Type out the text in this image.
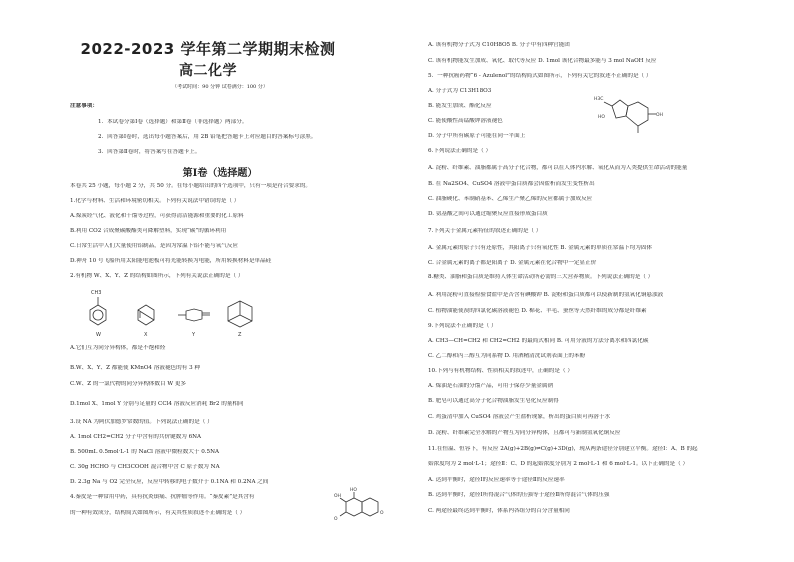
2022-2023 学年第二学期期末检测
高二化学
（考试时间：90 分钟 试卷满分：100 分）
注意事项：
1．本试卷分第Ⅰ卷（选择题）和第Ⅱ卷（非选择题）两部分。
2．回答第Ⅰ卷时，选出每小题答案后，用 2B 铅笔把答题卡上对应题目的答案标号涂黑。
3．回答第Ⅱ卷时，将答案写在答题卡上。
第Ⅰ卷（选择题）
本卷共 25 小题，每小题 2 分，共 50 分。在每小题给出的四个选项中，只有一项是符合要求的。
1.化学与材料、生活和环境密切相关。下列有关说法中错误的是（ ）
A.煤炭经气化、液化和干馏等过程，可获得清洁能源和重要的化工原料
B.利用 CO2 合成聚碳酸酯类可降解塑料，实现“碳”的循环利用
C.日常生活中人们大量使用铝制品，是因为常温下铝不能与氧气反应
D.神舟 10 号飞船所用太阳能电池板可将光能转换为电能，所用转换材料是单晶硅
2.有机物 W、X、Y、Z 的结构如图所示，下列有关说法正确的是（ ）
CH3
W	X	Y	Z
A.它们互为同分异构体，都是不饱和烃
B.W、X、Y、Z 都能使 KMnO4 溶液褪色的有 3 种
C.W、Z 的一氯代物的同分异构体数目 W 更多
D.1mol X、1mol Y 分别与足量的 CCl4 溶液反应消耗 Br2 的量相同
3.设 NA 为阿伏加德罗常数的值。下列说法正确的是（ ）
A. 1mol CH2=CH2 分子中含有的共价键数为 6NA
B. 500mL 0.5mol·L-1 的 NaCl 溶液中微粒数大于 0.5NA
C. 30g HCHO 与 CH3COOH 混合物中含 C 原子数为 NA
D. 2.3g Na 与 O2 完全反应，反应中转移的电子数介于 0.1NA 和 0.2NA 之间
4.秦皮是一种常用中药，具有抗炎镇痛、抗肿瘤等作用。“秦皮素”是其含有
的一种有效成分，结构简式如图所示，有关其性质叙述不正确的是（ ）
HO
OH
O
O
A. 该有机物分子式为 C10H8O5 B. 分子中有四种官能团
C. 该有机物能发生加成、氧化、取代等反应 D. 1mol 该化合物最多能与 3 mol NaOH 反应
5．一种抗癌药物“6 - Azulenol”的结构简式如图所示，下列有关它的叙述不正确的是（ ）
A. 分子式为 C13H18O3
B. 能发生加成、酯化反应
C. 能使酸性高锰酸钾溶液褪色
D. 分子中所有碳原子可能在同一平面上
H3C
HO	OH
6.下列说法正确的是（ ）
A. 淀粉、纤维素、油脂都属于高分子化合物，都可以在人体内水解、氧化从而为人类提供生命活动的能量
B. 在 Na2SO4、CuSO4 溶液中蛋白质都会因盐析而发生变性析出
C. 油脂硬化、苯制硝基苯、乙烯生产聚乙烯的反应都属于加成反应
D. 氨基酸之间可以通过缩聚反应直接形成蛋白质
7.下列关于金属元素特征的叙述正确的是（ ）
A. 金属元素的原子只有还原性，其阳离子只有氧化性 B. 金属元素的单质在常温下均为固体
C. 合金属元素的离子都是阳离子 D. 金属元素在化合物中一定显正价
8.糖类、油脂和蛋白质是维持人体生命活动所必需的三大营养物质。下列说法正确的是（ ）
A. 利用淀粉可直接检验食盐中是否含有碘酸钾 B. 淀粉和蛋白质都可以使新制的氢氧化铜悬浊液
C. 植物油能使溴的四氯化碳溶液褪色 D. 棉花、羊毛、蚕丝等天然纤维的成分都是纤维素
9.下列说法不正确的是（ ）
A. CH3—CH=CH2 和 CH2=CH2 的最简式相同 B. 可用分液的方法分离水和四氯化碳
C. 乙二醇和丙三醇互为同系物 D. 用酒精清洗试剂表面上的苯酚
10.下列与有机物结构、性质相关的叙述中，正确的是（ ）
A. 煤油是石油的分馏产品，可用于保存少量金属钠
B. 肥皂可以通过高分子化合物油脂发生皂化反应制得
C. 鸡蛋清中加入 CuSO4 溶液会产生盐析现象，析出的蛋白质可再溶于水
D. 淀粉、纤维素完全水解的产物互为同分异构体，且都可与新制氢氧化铜反应
11.在恒温、恒容下，有反应 2A(g)+2B(g)⇌C(g)+3D(g)，现从两条途径分别建立平衡。途径Ⅰ：A、B 的起
始浓度均为 2 mol·L-1；途径Ⅱ：C、D 的起始浓度分别为 2 mol·L-1 和 6 mol·L-1。以下正确的是（ ）
A. 达到平衡时，途径Ⅰ的反应速率等于途径Ⅱ的反应速率
B. 达到平衡时，途径Ⅰ所得混合气体的压强等于途径Ⅱ所得混合气体的压强
C. 两途径最终达到平衡时，体系内各组分的百分含量相同
